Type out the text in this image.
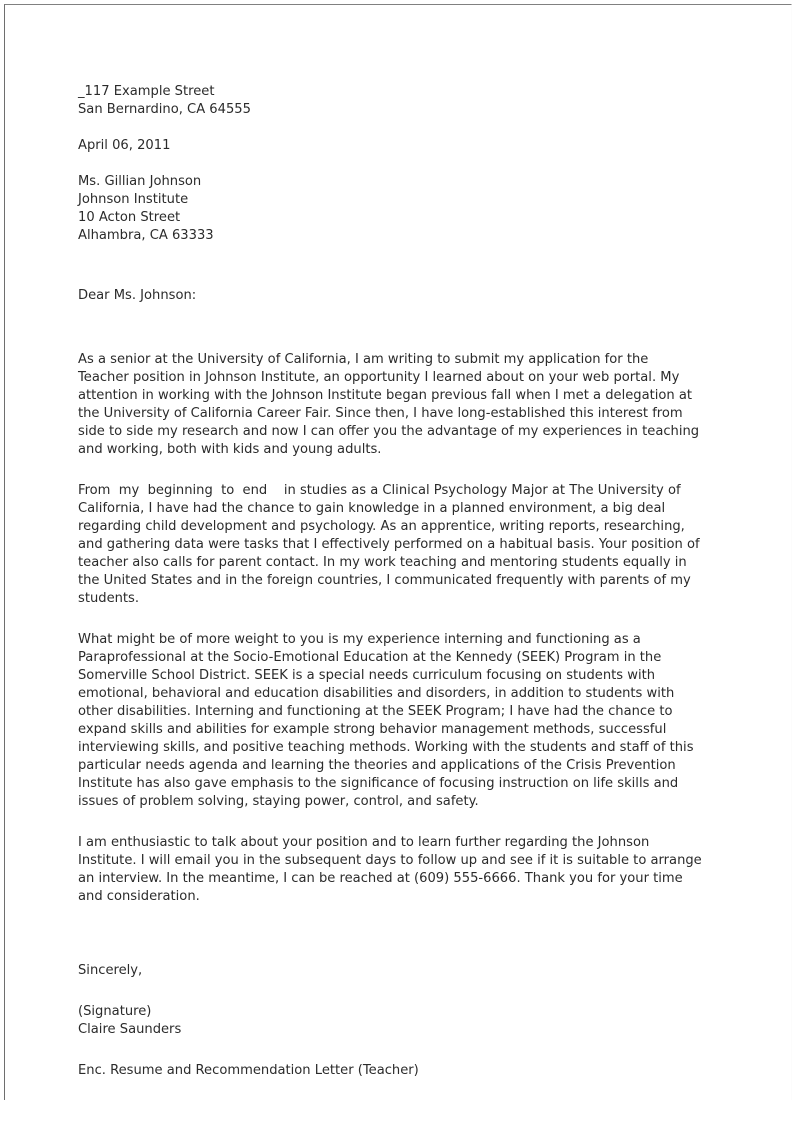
_117 Example Street
San Bernardino, CA 64555
April 06, 2011
Ms. Gillian Johnson
Johnson Institute
10 Acton Street
Alhambra, CA 63333
Dear Ms. Johnson:
As a senior at the University of California, I am writing to submit my application for the
Teacher position in Johnson Institute, an opportunity I learned about on your web portal. My
attention in working with the Johnson Institute began previous fall when I met a delegation at
the University of California Career Fair. Since then, I have long-established this interest from
side to side my research and now I can offer you the advantage of my experiences in teaching
and working, both with kids and young adults.
From  my  beginning  to  end    in studies as a Clinical Psychology Major at The University of
California, I have had the chance to gain knowledge in a planned environment, a big deal
regarding child development and psychology. As an apprentice, writing reports, researching,
and gathering data were tasks that I effectively performed on a habitual basis. Your position of
teacher also calls for parent contact. In my work teaching and mentoring students equally in
the United States and in the foreign countries, I communicated frequently with parents of my
students.
What might be of more weight to you is my experience interning and functioning as a
Paraprofessional at the Socio-Emotional Education at the Kennedy (SEEK) Program in the
Somerville School District. SEEK is a special needs curriculum focusing on students with
emotional, behavioral and education disabilities and disorders, in addition to students with
other disabilities. Interning and functioning at the SEEK Program; I have had the chance to
expand skills and abilities for example strong behavior management methods, successful
interviewing skills, and positive teaching methods. Working with the students and staff of this
particular needs agenda and learning the theories and applications of the Crisis Prevention
Institute has also gave emphasis to the significance of focusing instruction on life skills and
issues of problem solving, staying power, control, and safety.
I am enthusiastic to talk about your position and to learn further regarding the Johnson
Institute. I will email you in the subsequent days to follow up and see if it is suitable to arrange
an interview. In the meantime, I can be reached at (609) 555-6666. Thank you for your time
and consideration.
Sincerely,
(Signature)
Claire Saunders
Enc. Resume and Recommendation Letter (Teacher)
